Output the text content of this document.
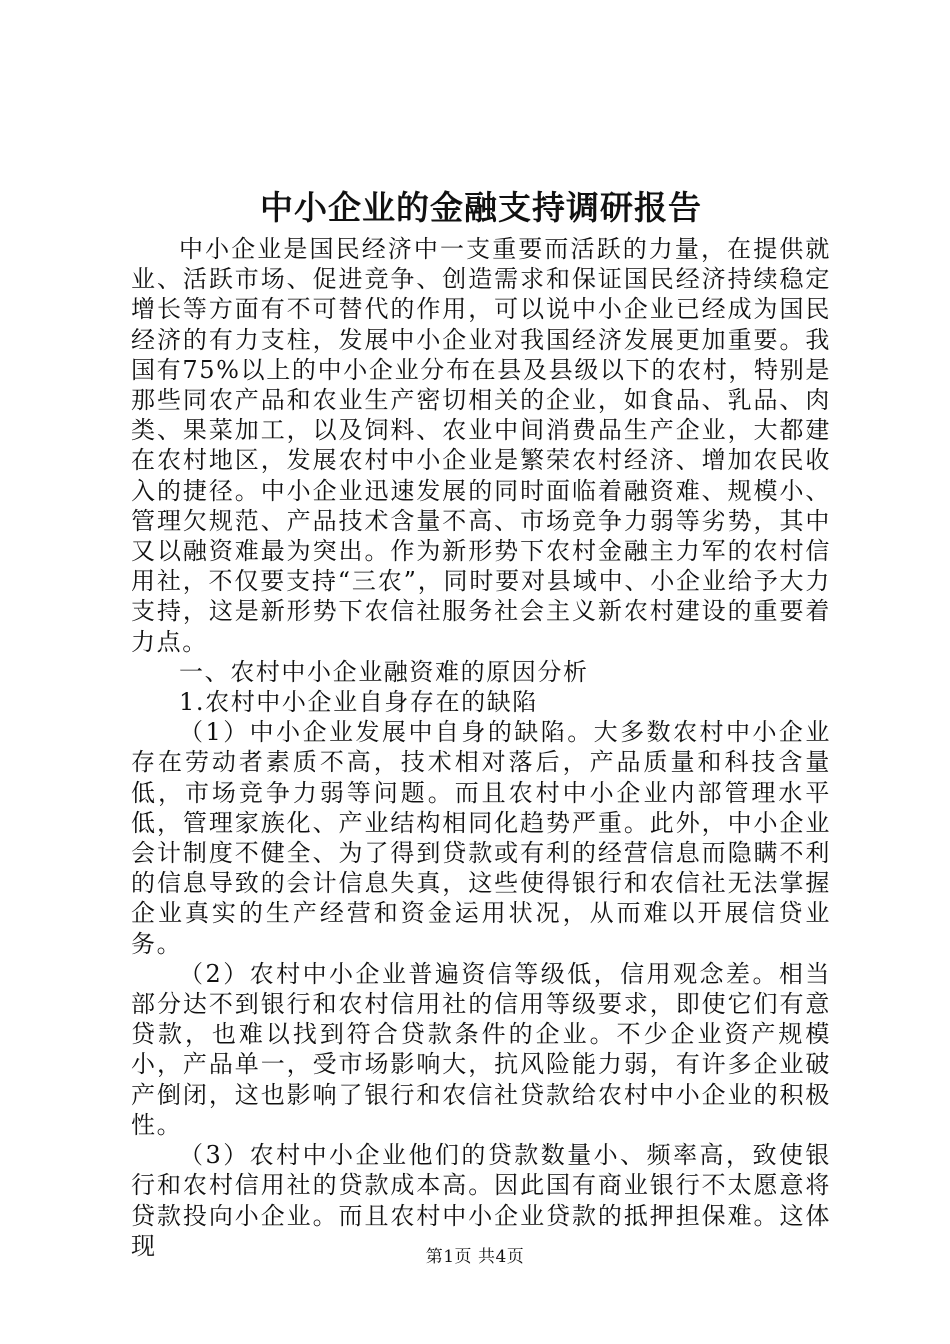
中小企业的金融支持调研报告

中小企业是国民经济中一支重要而活跃的力量，在提供就业、活跃市场、促进竞争、创造需求和保证国民经济持续稳定增长等方面有不可替代的作用，可以说中小企业已经成为国民经济的有力支柱，发展中小企业对我国经济发展更加重要。我国有75%以上的中小企业分布在县及县级以下的农村，特别是那些同农产品和农业生产密切相关的企业，如食品、乳品、肉类、果菜加工，以及饲料、农业中间消费品生产企业，大都建在农村地区，发展农村中小企业是繁荣农村经济、增加农民收入的捷径。中小企业迅速发展的同时面临着融资难、规模小、管理欠规范、产品技术含量不高、市场竞争力弱等劣势，其中又以融资难最为突出。作为新形势下农村金融主力军的农村信用社，不仅要支持“三农”，同时要对县域中、小企业给予大力支持，这是新形势下农信社服务社会主义新农村建设的重要着力点。

一、农村中小企业融资难的原因分析

1.农村中小企业自身存在的缺陷

（1）中小企业发展中自身的缺陷。大多数农村中小企业存在劳动者素质不高，技术相对落后，产品质量和科技含量低，市场竞争力弱等问题。而且农村中小企业内部管理水平低，管理家族化、产业结构相同化趋势严重。此外，中小企业会计制度不健全、为了得到贷款或有利的经营信息而隐瞒不利的信息导致的会计信息失真，这些使得银行和农信社无法掌握企业真实的生产经营和资金运用状况，从而难以开展信贷业务。

（2）农村中小企业普遍资信等级低，信用观念差。相当部分达不到银行和农村信用社的信用等级要求，即使它们有意贷款，也难以找到符合贷款条件的企业。不少企业资产规模小，产品单一，受市场影响大，抗风险能力弱，有许多企业破产倒闭，这也影响了银行和农信社贷款给农村中小企业的积极性。

（3）农村中小企业他们的贷款数量小、频率高，致使银行和农村信用社的贷款成本高。因此国有商业银行不太愿意将贷款投向小企业。而且农村中小企业贷款的抵押担保难。这体现	第1页 共4页
